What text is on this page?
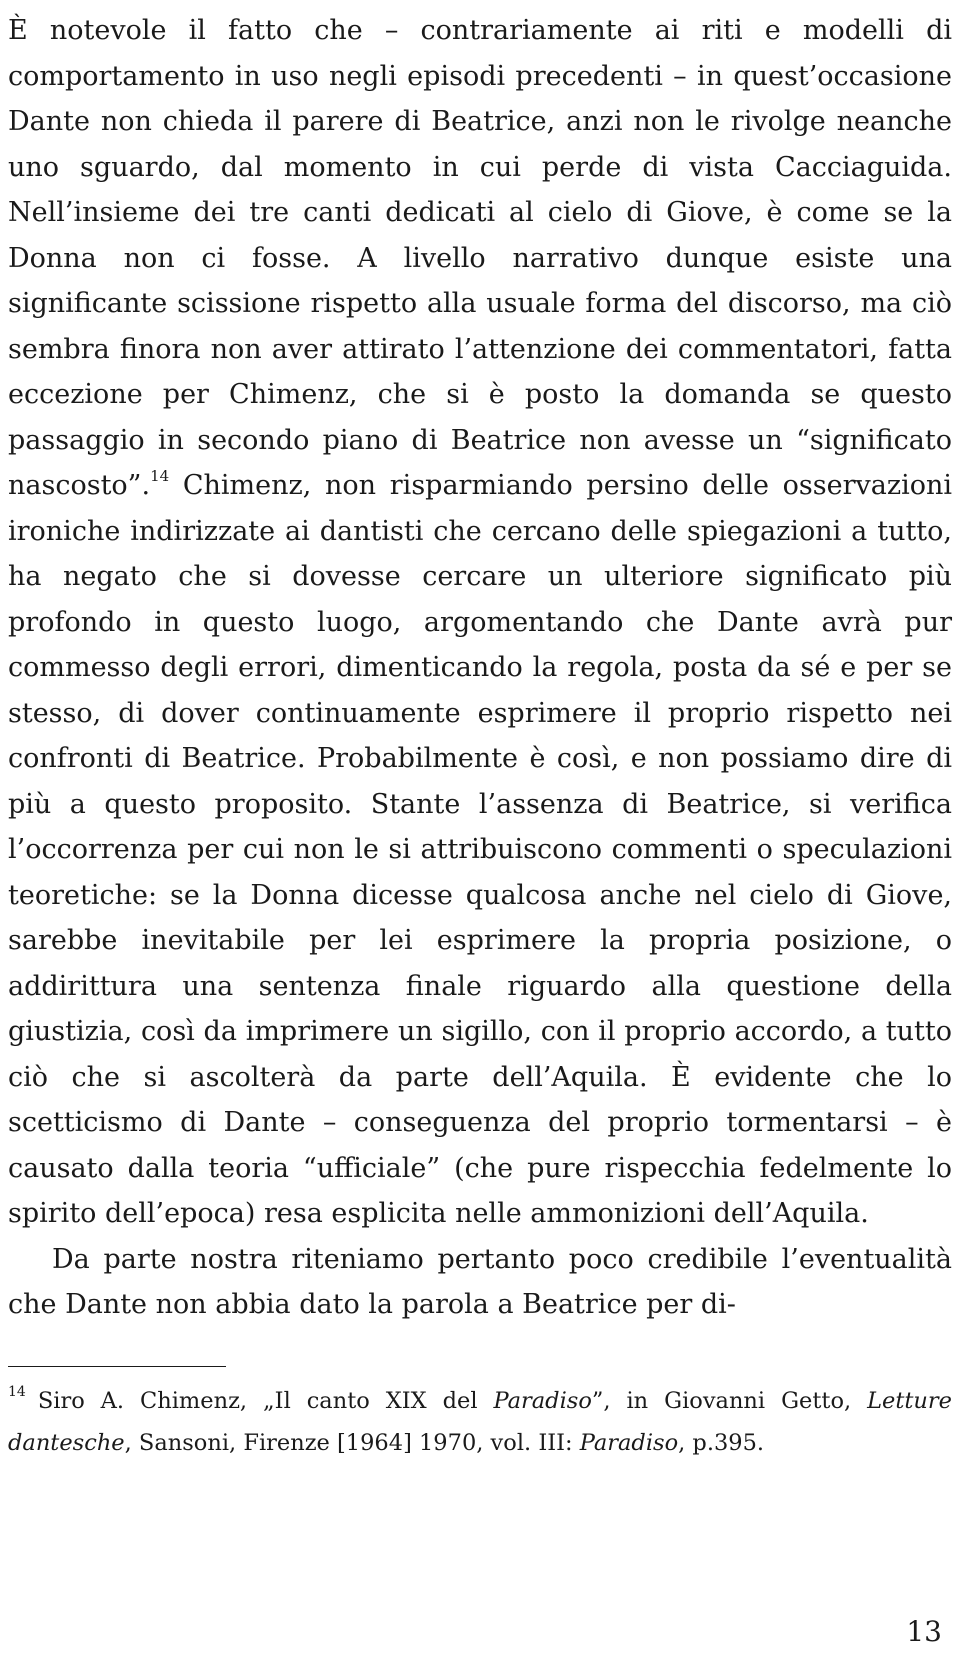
È notevole il fatto che – contrariamente ai riti e modelli di comportamento in uso negli episodi precedenti – in quest’occasione Dante non chieda il parere di Beatrice, anzi non le rivolge neanche uno sguardo, dal momento in cui perde di vista Cacciaguida. Nell’insieme dei tre canti dedicati al cielo di Giove, è come se la Donna non ci fosse. A livello narrativo dunque esiste una significante scissione rispetto alla usuale forma del discorso, ma ciò sembra finora non aver attirato l’attenzione dei commentatori, fatta eccezione per Chimenz, che si è posto la domanda se questo passaggio in secondo piano di Beatrice non avesse un “significato nascosto”.$^{14}$ Chimenz, non risparmiando persino delle osservazioni ironiche indirizzate ai dantisti che cercano delle spiegazioni a tutto, ha negato che si dovesse cercare un ulteriore significato più profondo in questo luogo, argomentando che Dante avrà pur commesso degli errori, dimenticando la regola, posta da sé e per se stesso, di dover continuamente esprimere il proprio rispetto nei confronti di Beatrice. Probabilmente è così, e non possiamo dire di più a questo proposito. Stante l’assenza di Beatrice, si verifica l’occorrenza per cui non le si attribuiscono commenti o speculazioni teoretiche: se la Donna dicesse qualcosa anche nel cielo di Giove, sarebbe inevitabile per lei esprimere la propria posizione, o addirittura una sentenza finale riguardo alla questione della giustizia, così da imprimere un sigillo, con il proprio accordo, a tutto ciò che si ascolterà da parte dell’Aquila. È evidente che lo scetticismo di Dante – conseguenza del proprio tormentarsi – è causato dalla teoria “ufficiale” (che pure rispecchia fedelmente lo spirito dell’epoca) resa esplicita nelle ammonizioni dell’Aquila.

Da parte nostra riteniamo pertanto poco credibile l’eventualità che Dante non abbia dato la parola a Beatrice per di-

$^{14}$ Siro A. Chimenz, „Il canto XIX del Paradiso”, in Giovanni Getto, Letture dantesche, Sansoni, Firenze [1964] 1970, vol. III: Paradiso, p.395.
13
